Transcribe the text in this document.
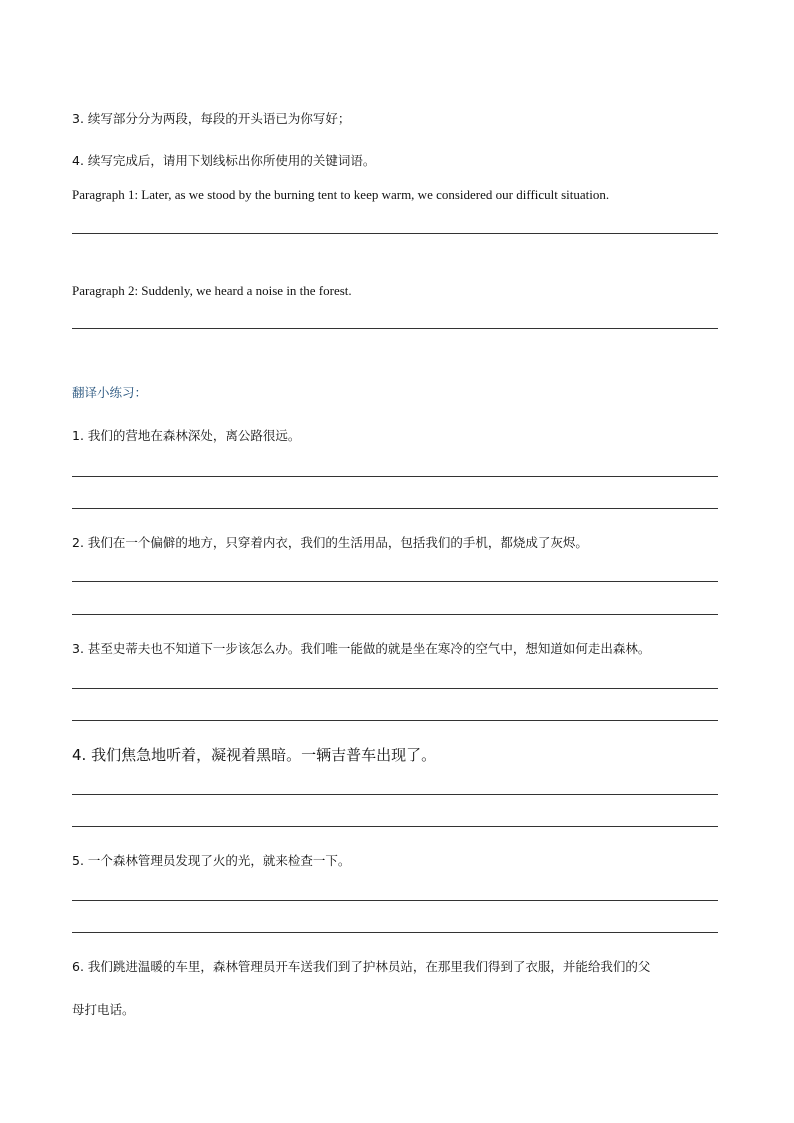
3. 续写部分分为两段，每段的开头语已为你写好；
4. 续写完成后，请用下划线标出你所使用的关键词语。
Paragraph 1: Later, as we stood by the burning tent to keep warm, we considered our difficult situation.
Paragraph 2: Suddenly, we heard a noise in the forest.
翻译小练习：
1. 我们的营地在森林深处，离公路很远。
2. 我们在一个偏僻的地方，只穿着内衣，我们的生活用品，包括我们的手机，都烧成了灰烬。
3. 甚至史蒂夫也不知道下一步该怎么办。我们唯一能做的就是坐在寒冷的空气中，想知道如何走出森林。
4. 我们焦急地听着，凝视着黑暗。一辆吉普车出现了。
5. 一个森林管理员发现了火的光，就来检查一下。
6. 我们跳进温暖的车里，森林管理员开车送我们到了护林员站，在那里我们得到了衣服，并能给我们的父
母打电话。
